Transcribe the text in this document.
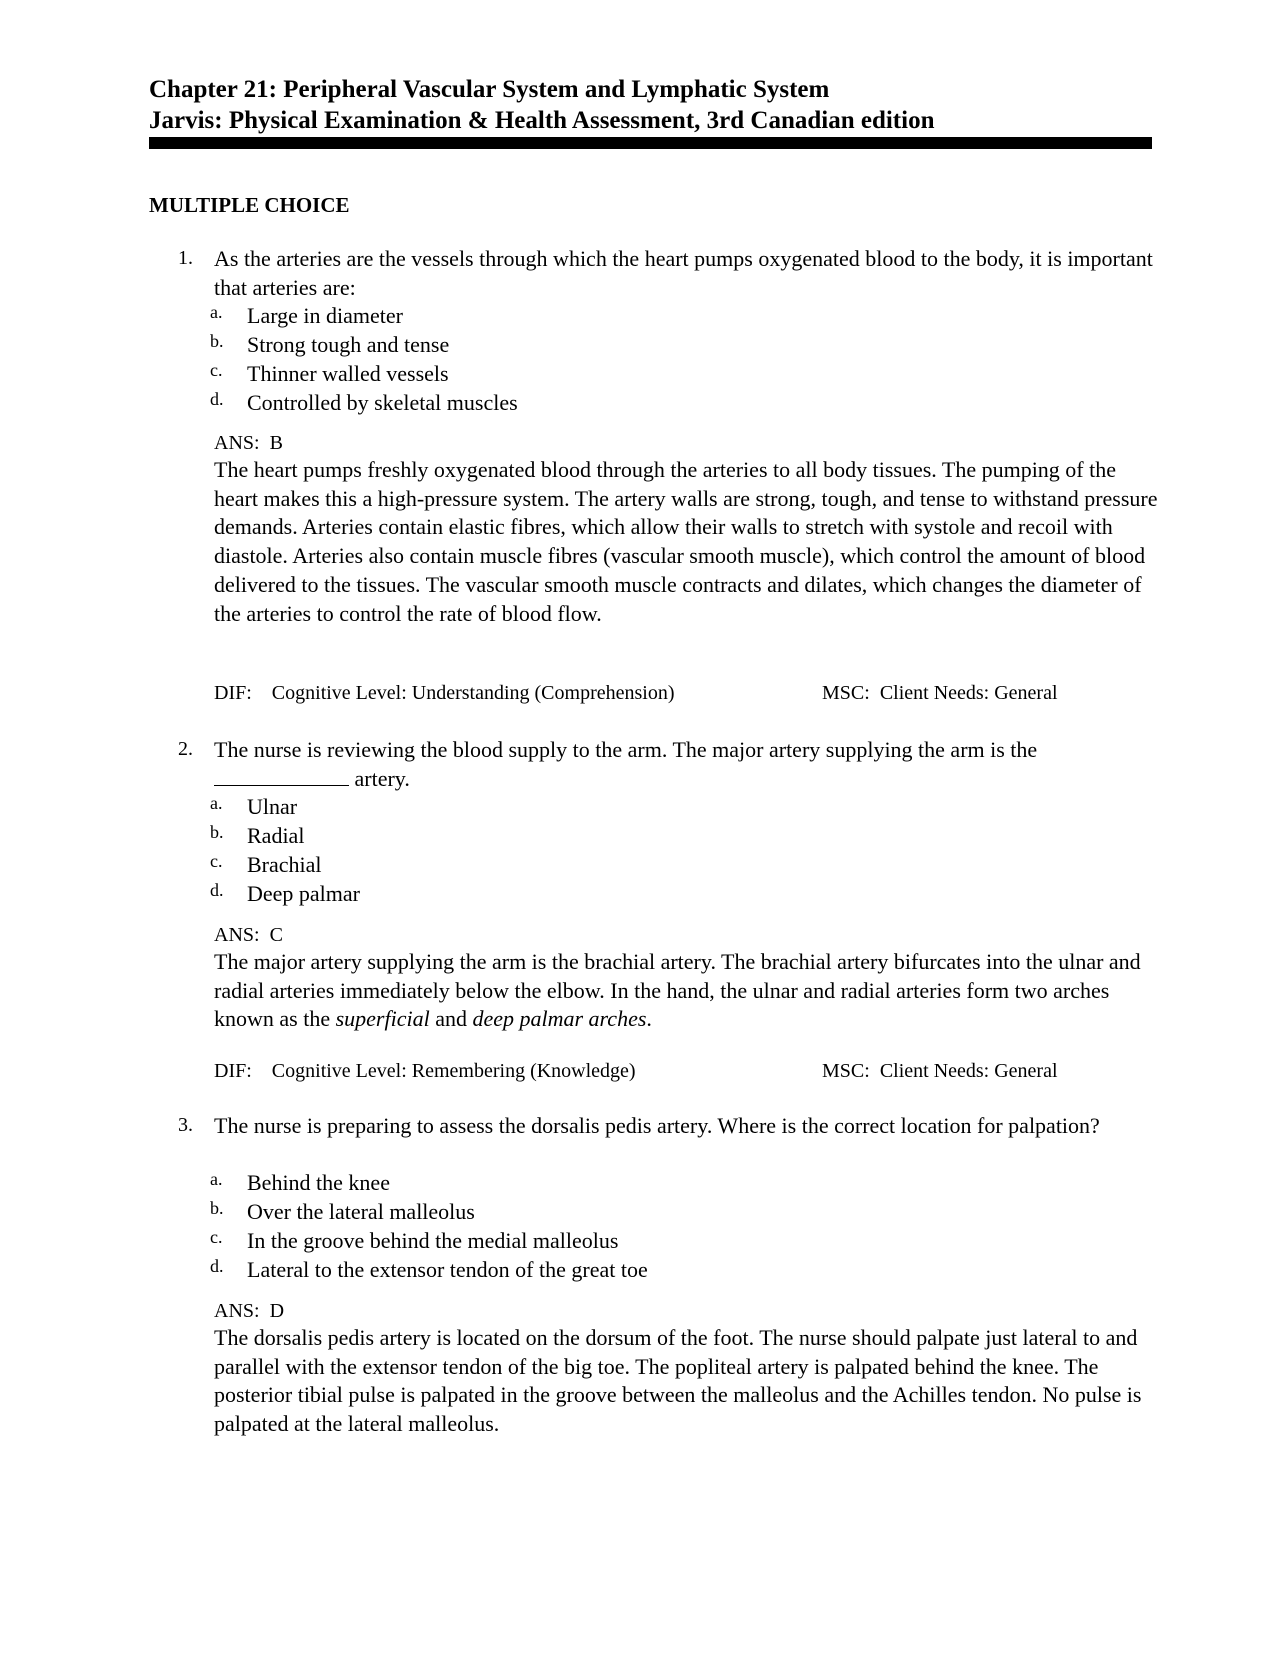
Chapter 21: Peripheral Vascular System and Lymphatic System
Jarvis: Physical Examination & Health Assessment, 3rd Canadian edition
MULTIPLE CHOICE
1. As the arteries are the vessels through which the heart pumps oxygenated blood to the body, it is important that arteries are:
a.	Large in diameter
b.	Strong tough and tense
c.	Thinner walled vessels
d.	Controlled by skeletal muscles
ANS: B
The heart pumps freshly oxygenated blood through the arteries to all body tissues. The pumping of the heart makes this a high-pressure system. The artery walls are strong, tough, and tense to withstand pressure demands. Arteries contain elastic fibres, which allow their walls to stretch with systole and recoil with diastole. Arteries also contain muscle fibres (vascular smooth muscle), which control the amount of blood delivered to the tissues. The vascular smooth muscle contracts and dilates, which changes the diameter of the arteries to control the rate of blood flow.
DIF: Cognitive Level: Understanding (Comprehension)	MSC: Client Needs: General
2. The nurse is reviewing the blood supply to the arm. The major artery supplying the arm is the  artery.
a.	Ulnar
b.	Radial
c.	Brachial
d.	Deep palmar
ANS: C
The major artery supplying the arm is the brachial artery. The brachial artery bifurcates into the ulnar and radial arteries immediately below the elbow. In the hand, the ulnar and radial arteries form two arches known as the superficial and deep palmar arches.
DIF: Cognitive Level: Remembering (Knowledge)	MSC: Client Needs: General
3. The nurse is preparing to assess the dorsalis pedis artery. Where is the correct location for palpation?
a.	Behind the knee
b.	Over the lateral malleolus
c.	In the groove behind the medial malleolus
d.	Lateral to the extensor tendon of the great toe
ANS: D
The dorsalis pedis artery is located on the dorsum of the foot. The nurse should palpate just lateral to and parallel with the extensor tendon of the big toe. The popliteal artery is palpated behind the knee. The posterior tibial pulse is palpated in the groove between the malleolus and the Achilles tendon. No pulse is palpated at the lateral malleolus.
